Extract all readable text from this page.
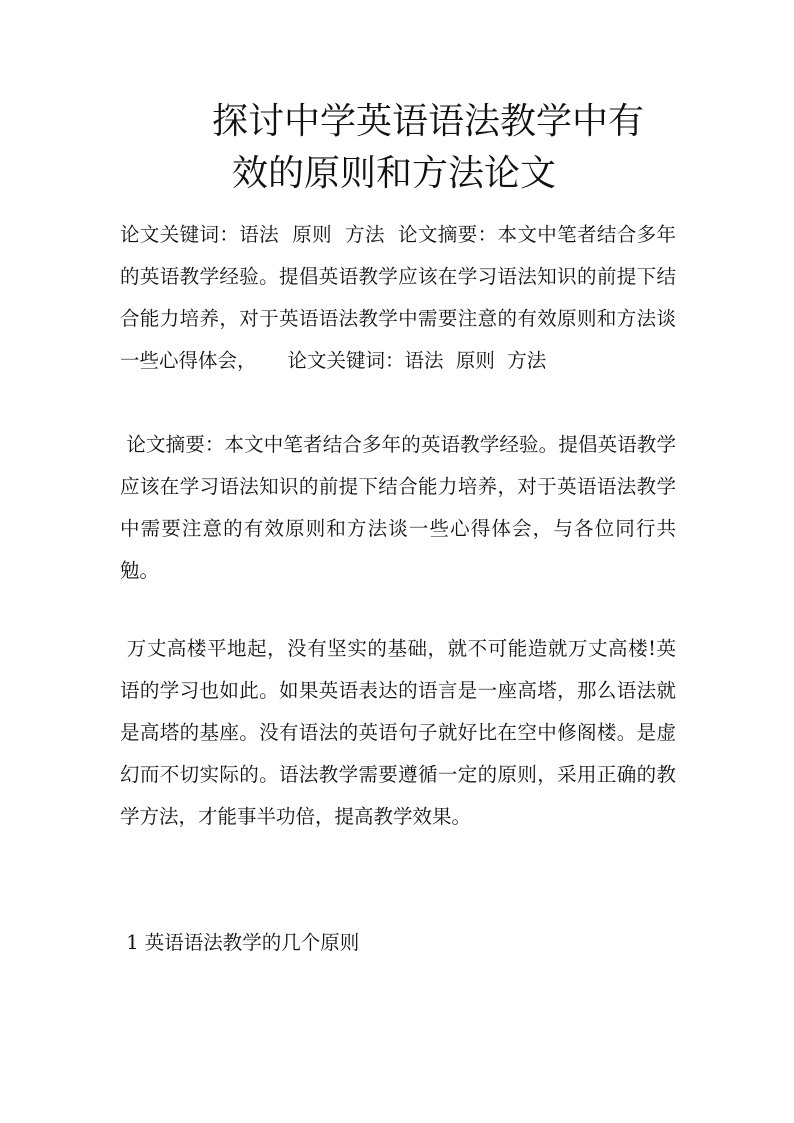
探讨中学英语语法教学中有
效的原则和方法论文

论文关键词：语法  原则  方法  论文摘要：本文中笔者结合多年的英语教学经验。提倡英语教学应该在学习语法知识的前提下结合能力培养，对于英语语法教学中需要注意的有效原则和方法谈一些心得体会，     论文关键词：语法  原则  方法

论文摘要：本文中笔者结合多年的英语教学经验。提倡英语教学应该在学习语法知识的前提下结合能力培养，对于英语语法教学中需要注意的有效原则和方法谈一些心得体会，与各位同行共勉。

万丈高楼平地起，没有坚实的基础，就不可能造就万丈高楼!英语的学习也如此。如果英语表达的语言是一座高塔，那么语法就是高塔的基座。没有语法的英语句子就好比在空中修阁楼。是虚幻而不切实际的。语法教学需要遵循一定的原则，采用正确的教学方法，才能事半功倍，提高教学效果。

1 英语语法教学的几个原则
